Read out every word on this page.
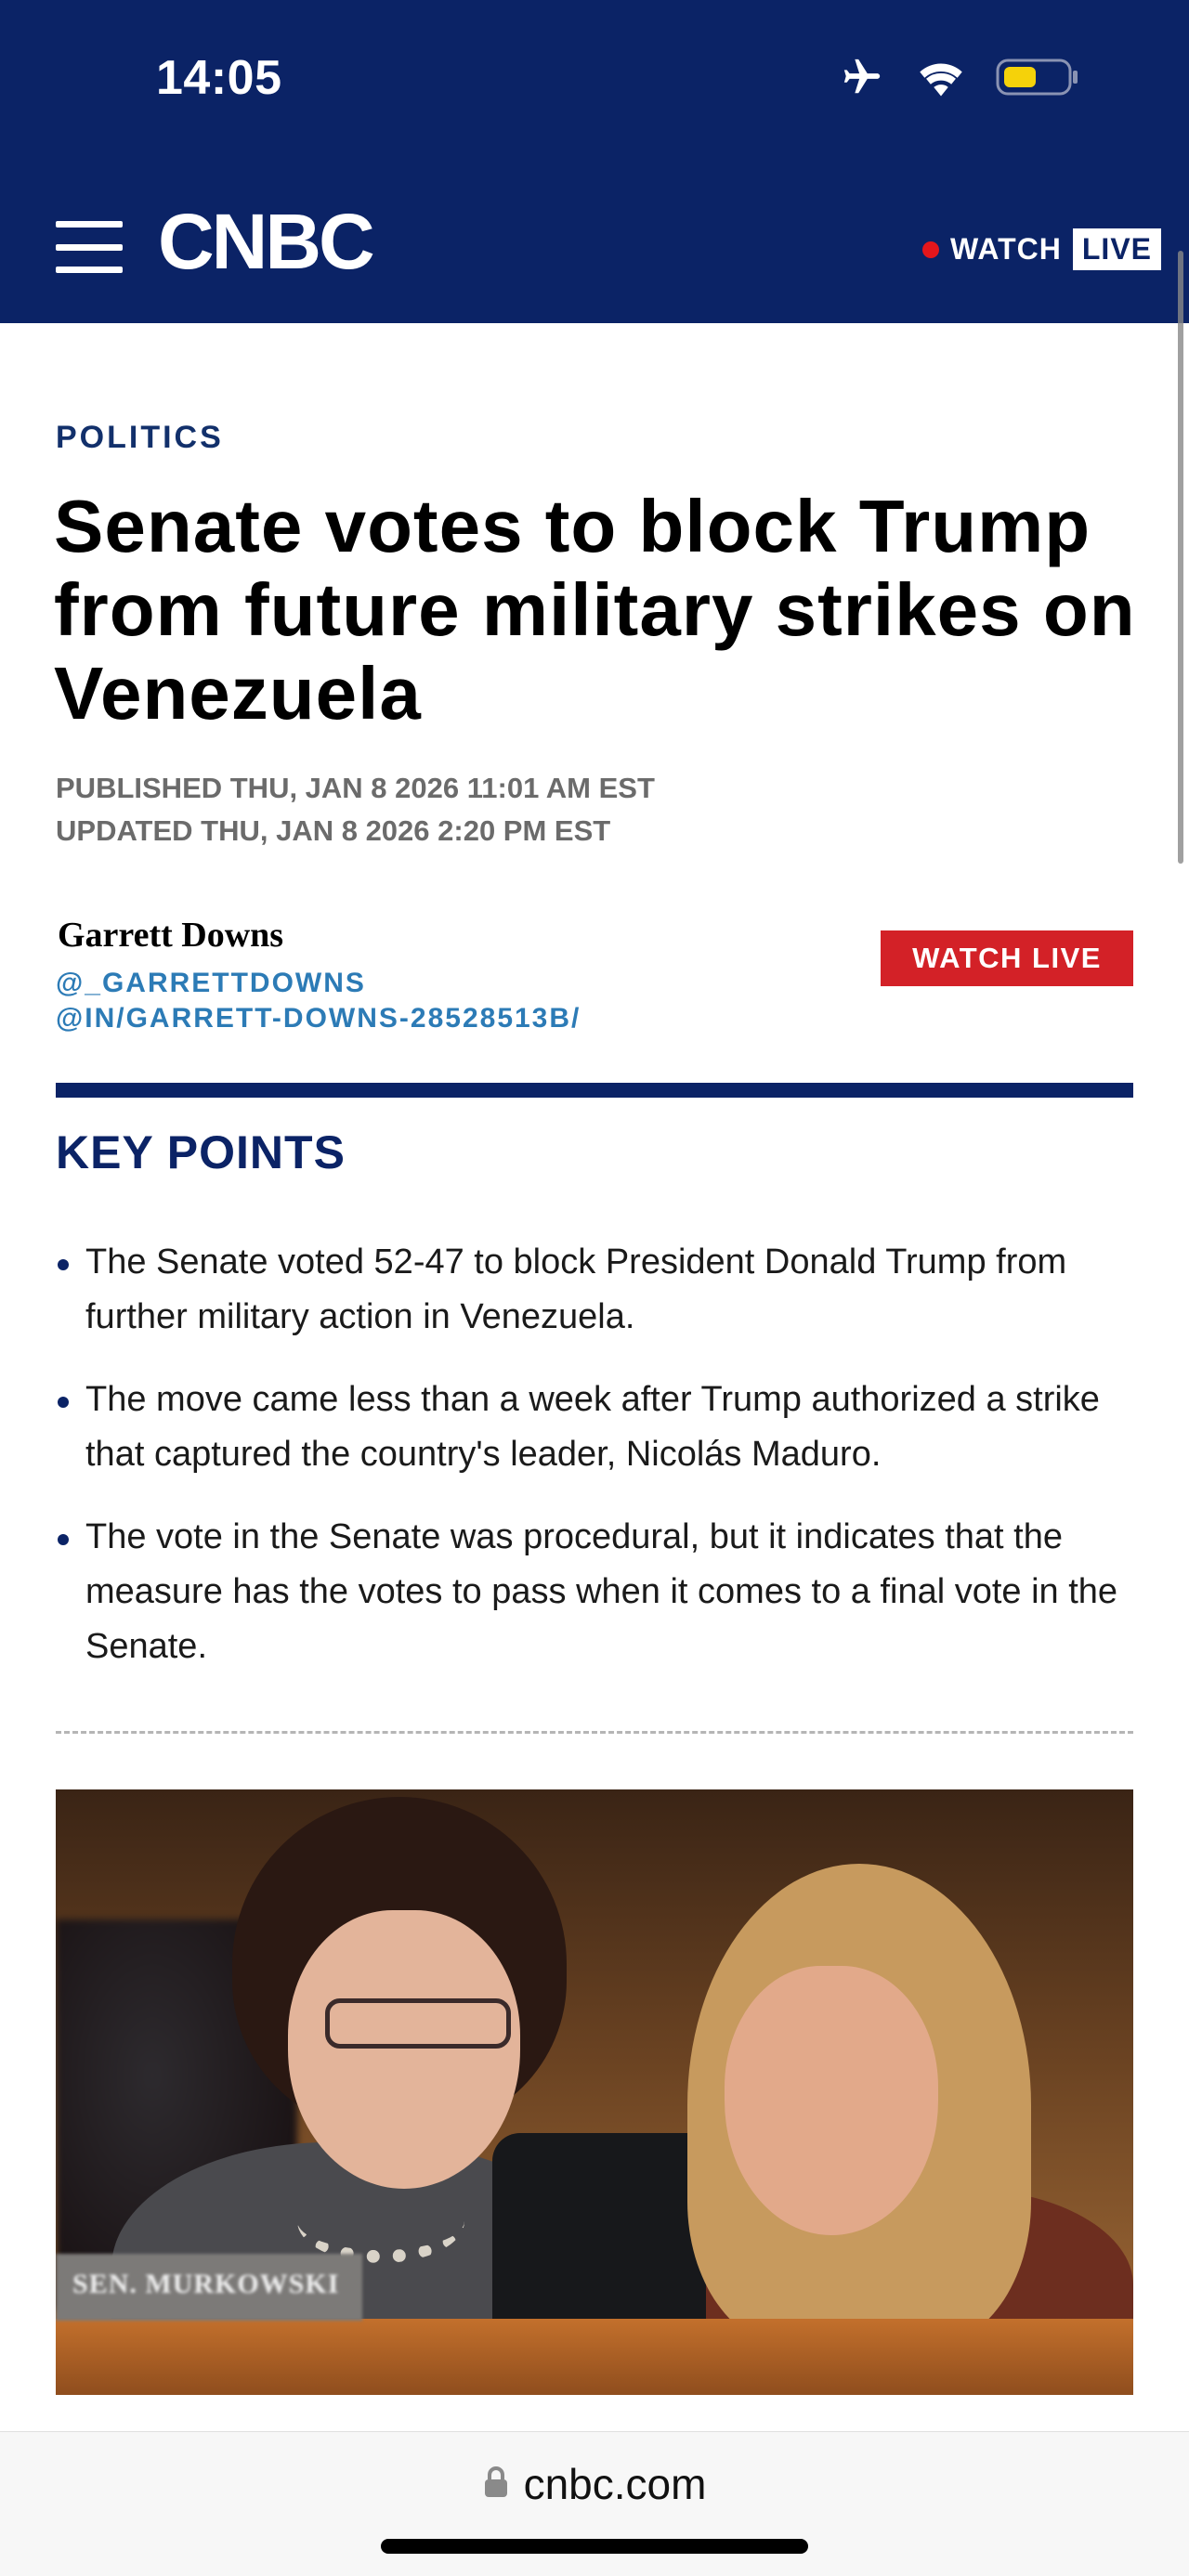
14:05
CNBC	WATCH LIVE
POLITICS
Senate votes to block Trump from future military strikes on Venezuela
PUBLISHED THU, JAN 8 2026 11:01 AM EST
UPDATED THU, JAN 8 2026 2:20 PM EST
Garrett Downs
@_GARRETTDOWNS
@IN/GARRETT-DOWNS-28528513B/
WATCH LIVE
KEY POINTS
The Senate voted 52-47 to block President Donald Trump from further military action in Venezuela.
The move came less than a week after Trump authorized a strike that captured the country's leader, Nicolás Maduro.
The vote in the Senate was procedural, but it indicates that the measure has the votes to pass when it comes to a final vote in the Senate.
SEN. MURKOWSKI
cnbc.com
